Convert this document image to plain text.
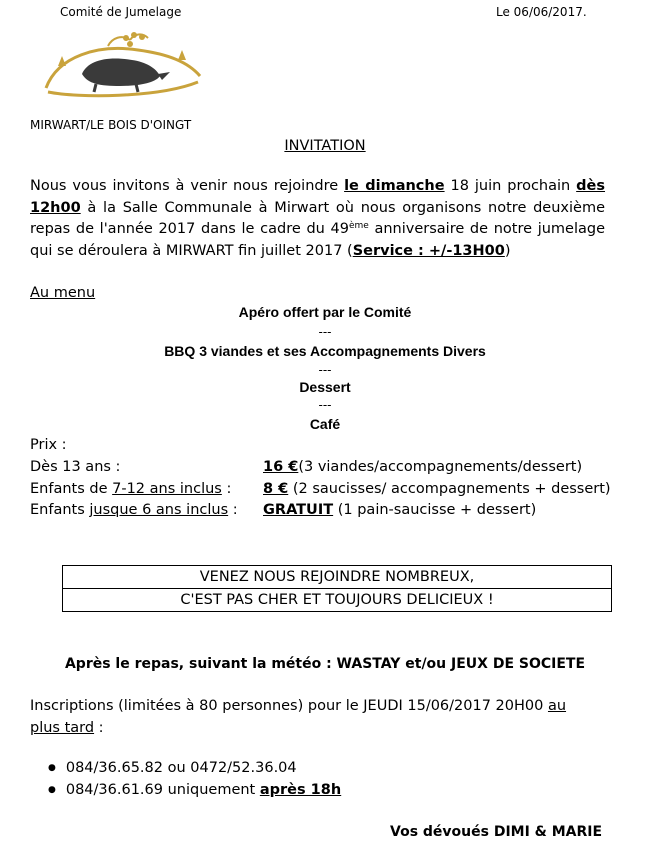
Comité de Jumelage	Le 06/06/2017.
MIRWART/LE BOIS D'OINGT
INVITATION
Nous vous invitons à venir nous rejoindre le dimanche 18 juin prochain dès 12h00 à la Salle Communale à Mirwart où nous organisons notre deuxième repas de l'année 2017 dans le cadre du 49ème anniversaire de notre jumelage qui se déroulera à MIRWART fin juillet 2017 (Service : +/-13H00)
Au menu
Apéro offert par le Comité
---
BBQ 3 viandes et ses Accompagnements Divers
---
Dessert
---
Café
Prix :
Dès 13 ans :	16 €(3 viandes/accompagnements/dessert)
Enfants de 7-12 ans inclus : 8 € (2 saucisses/ accompagnements + dessert)
Enfants jusque 6 ans inclus : GRATUIT (1 pain-saucisse + dessert)
VENEZ NOUS REJOINDRE NOMBREUX,
C'EST PAS CHER ET TOUJOURS DELICIEUX !
Après le repas, suivant la météo : WASTAY et/ou JEUX DE SOCIETE
Inscriptions (limitées à 80 personnes) pour le JEUDI 15/06/2017 20H00 au
plus tard :
● 084/36.65.82 ou 0472/52.36.04
● 084/36.61.69 uniquement après 18h
Vos dévoués DIMI & MARIE
